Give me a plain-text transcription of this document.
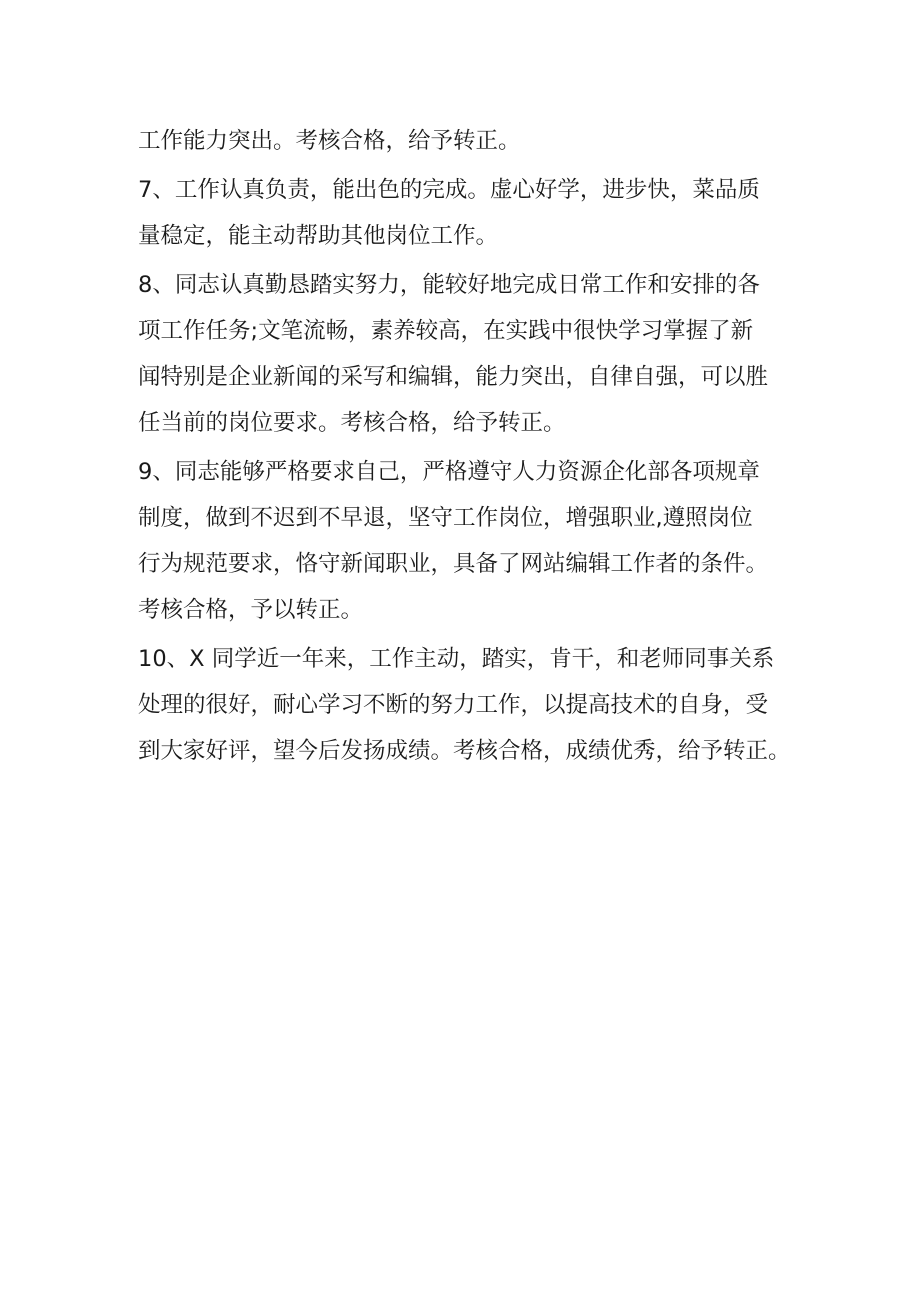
工作能力突出。考核合格，给予转正。
7、工作认真负责，能出色的完成。虚心好学，进步快，菜品质
量稳定，能主动帮助其他岗位工作。
8、同志认真勤恳踏实努力，能较好地完成日常工作和安排的各
项工作任务;文笔流畅，素养较高，在实践中很快学习掌握了新
闻特别是企业新闻的采写和编辑，能力突出，自律自强，可以胜
任当前的岗位要求。考核合格，给予转正。
9、同志能够严格要求自己，严格遵守人力资源企化部各项规章
制度，做到不迟到不早退，坚守工作岗位，增强职业,遵照岗位
行为规范要求，恪守新闻职业，具备了网站编辑工作者的条件。
考核合格，予以转正。
10、X 同学近一年来，工作主动，踏实，肯干，和老师同事关系
处理的很好，耐心学习不断的努力工作，以提高技术的自身，受
到大家好评，望今后发扬成绩。考核合格，成绩优秀，给予转正。
